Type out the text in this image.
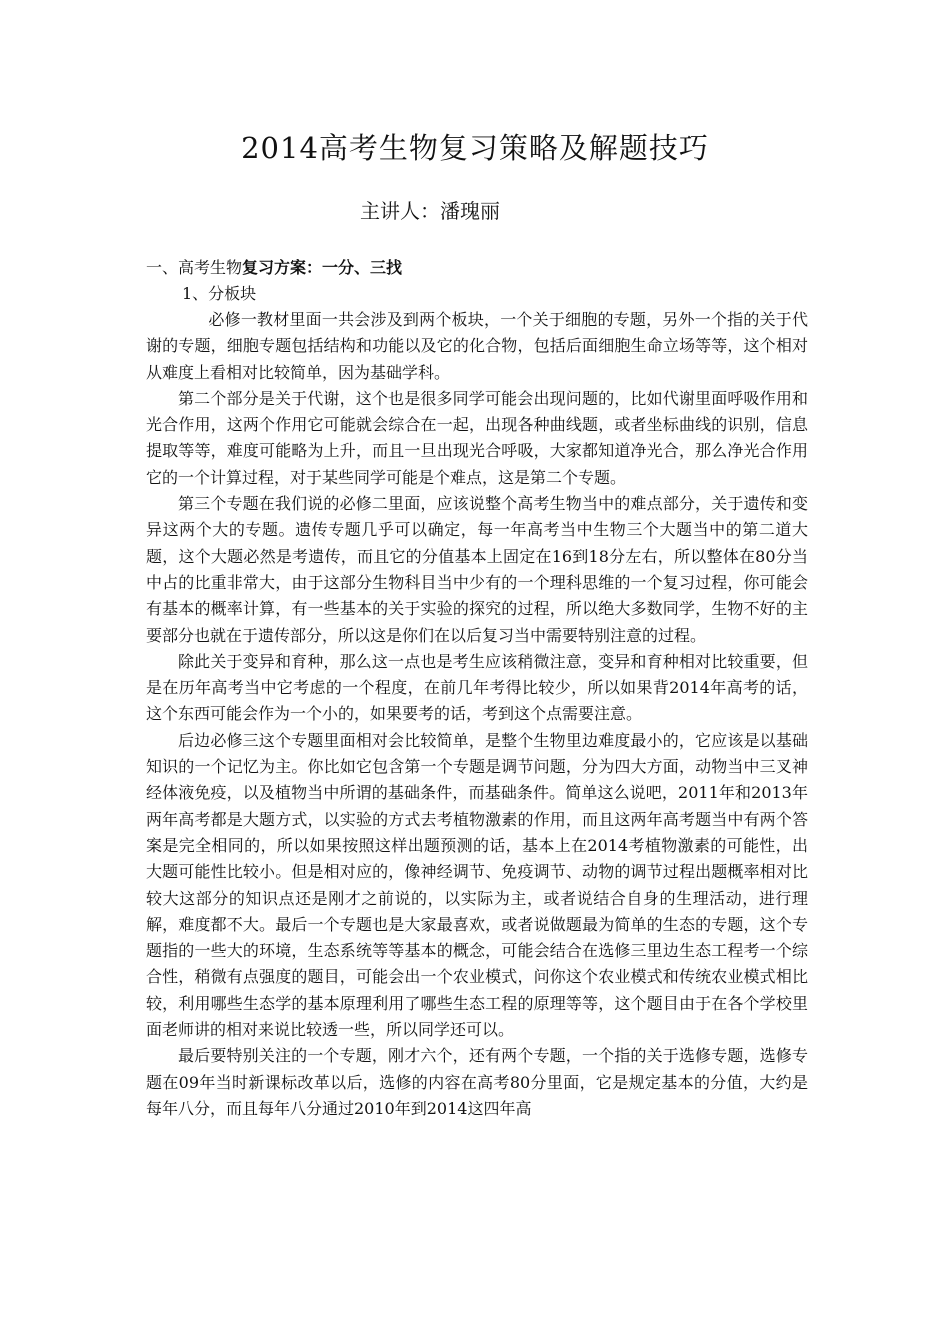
2014高考生物复习策略及解题技巧
主讲人：潘瑰丽
一、高考生物复习方案：一分、三找
1、分板块

必修一教材里面一共会涉及到两个板块，一个关于细胞的专题，另外一个指的关于代谢的专题，细胞专题包括结构和功能以及它的化合物，包括后面细胞生命立场等等，这个相对从难度上看相对比较简单，因为基础学科。

第二个部分是关于代谢，这个也是很多同学可能会出现问题的，比如代谢里面呼吸作用和光合作用，这两个作用它可能就会综合在一起，出现各种曲线题，或者坐标曲线的识别，信息提取等等，难度可能略为上升，而且一旦出现光合呼吸，大家都知道净光合，那么净光合作用它的一个计算过程，对于某些同学可能是个难点，这是第二个专题。

第三个专题在我们说的必修二里面，应该说整个高考生物当中的难点部分，关于遗传和变异这两个大的专题。遗传专题几乎可以确定，每一年高考当中生物三个大题当中的第二道大题，这个大题必然是考遗传，而且它的分值基本上固定在16到18分左右，所以整体在80分当中占的比重非常大，由于这部分生物科目当中少有的一个理科思维的一个复习过程，你可能会有基本的概率计算，有一些基本的关于实验的探究的过程，所以绝大多数同学，生物不好的主要部分也就在于遗传部分，所以这是你们在以后复习当中需要特别注意的过程。

除此关于变异和育种，那么这一点也是考生应该稍微注意，变异和育种相对比较重要，但是在历年高考当中它考虑的一个程度，在前几年考得比较少，所以如果背2014年高考的话，这个东西可能会作为一个小的，如果要考的话，考到这个点需要注意。

后边必修三这个专题里面相对会比较简单，是整个生物里边难度最小的，它应该是以基础知识的一个记忆为主。你比如它包含第一个专题是调节问题，分为四大方面，动物当中三叉神经体液免疫，以及植物当中所谓的基础条件，而基础条件。简单这么说吧，2011年和2013年两年高考都是大题方式，以实验的方式去考植物激素的作用，而且这两年高考题当中有两个答案是完全相同的，所以如果按照这样出题预测的话，基本上在2014考植物激素的可能性，出大题可能性比较小。但是相对应的，像神经调节、免疫调节、动物的调节过程出题概率相对比较大这部分的知识点还是刚才之前说的，以实际为主，或者说结合自身的生理活动，进行理解，难度都不大。最后一个专题也是大家最喜欢，或者说做题最为简单的生态的专题，这个专题指的一些大的环境，生态系统等等基本的概念，可能会结合在选修三里边生态工程考一个综合性，稍微有点强度的题目，可能会出一个农业模式，问你这个农业模式和传统农业模式相比较，利用哪些生态学的基本原理利用了哪些生态工程的原理等等，这个题目由于在各个学校里面老师讲的相对来说比较透一些，所以同学还可以。

最后要特别关注的一个专题，刚才六个，还有两个专题，一个指的关于选修专题，选修专题在09年当时新课标改革以后，选修的内容在高考80分里面，它是规定基本的分值，大约是每年八分，而且每年八分通过2010年到2014这四年高
